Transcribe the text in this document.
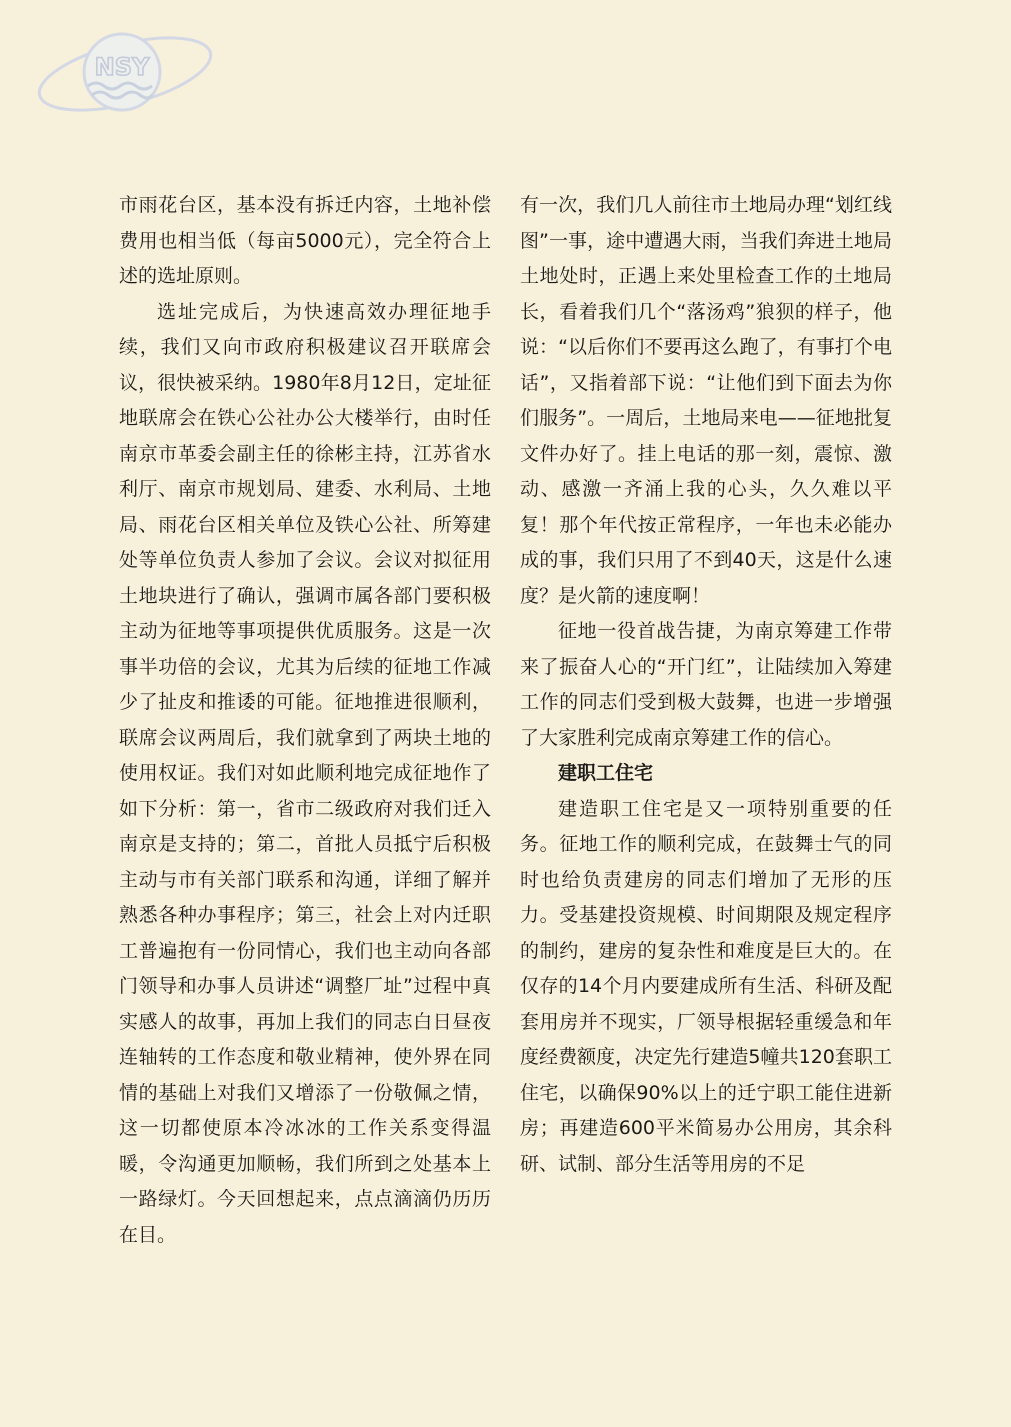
NSY

市雨花台区，基本没有拆迁内容，土地补偿费用也相当低（每亩5000元），完全符合上述的选址原则。

选址完成后，为快速高效办理征地手续，我们又向市政府积极建议召开联席会议，很快被采纳。1980年8月12日，定址征地联席会在铁心公社办公大楼举行，由时任南京市革委会副主任的徐彬主持，江苏省水利厅、南京市规划局、建委、水利局、土地局、雨花台区相关单位及铁心公社、所筹建处等单位负责人参加了会议。会议对拟征用土地块进行了确认，强调市属各部门要积极主动为征地等事项提供优质服务。这是一次事半功倍的会议，尤其为后续的征地工作减少了扯皮和推诿的可能。征地推进很顺利，联席会议两周后，我们就拿到了两块土地的使用权证。我们对如此顺利地完成征地作了如下分析：第一，省市二级政府对我们迁入南京是支持的；第二，首批人员抵宁后积极主动与市有关部门联系和沟通，详细了解并熟悉各种办事程序；第三，社会上对内迁职工普遍抱有一份同情心，我们也主动向各部门领导和办事人员讲述“调整厂址”过程中真实感人的故事，再加上我们的同志白日昼夜连轴转的工作态度和敬业精神，使外界在同情的基础上对我们又增添了一份敬佩之情，这一切都使原本冷冰冰的工作关系变得温暖，令沟通更加顺畅，我们所到之处基本上一路绿灯。今天回想起来，点点滴滴仍历历在目。

有一次，我们几人前往市土地局办理“划红线图”一事，途中遭遇大雨，当我们奔进土地局土地处时，正遇上来处里检查工作的土地局长，看着我们几个“落汤鸡”狼狈的样子，他说：“以后你们不要再这么跑了，有事打个电话”，又指着部下说：“让他们到下面去为你们服务”。一周后，土地局来电——征地批复文件办好了。挂上电话的那一刻，震惊、激动、感激一齐涌上我的心头，久久难以平复！那个年代按正常程序，一年也未必能办成的事，我们只用了不到40天，这是什么速度？是火箭的速度啊！

征地一役首战告捷，为南京筹建工作带来了振奋人心的“开门红”，让陆续加入筹建工作的同志们受到极大鼓舞，也进一步增强了大家胜利完成南京筹建工作的信心。

建职工住宅

建造职工住宅是又一项特别重要的任务。征地工作的顺利完成，在鼓舞士气的同时也给负责建房的同志们增加了无形的压力。受基建投资规模、时间期限及规定程序的制约，建房的复杂性和难度是巨大的。在仅存的14个月内要建成所有生活、科研及配套用房并不现实，厂领导根据轻重缓急和年度经费额度，决定先行建造5幢共120套职工住宅，以确保90%以上的迁宁职工能住进新房；再建造600平米简易办公用房，其余科研、试制、部分生活等用房的不足
